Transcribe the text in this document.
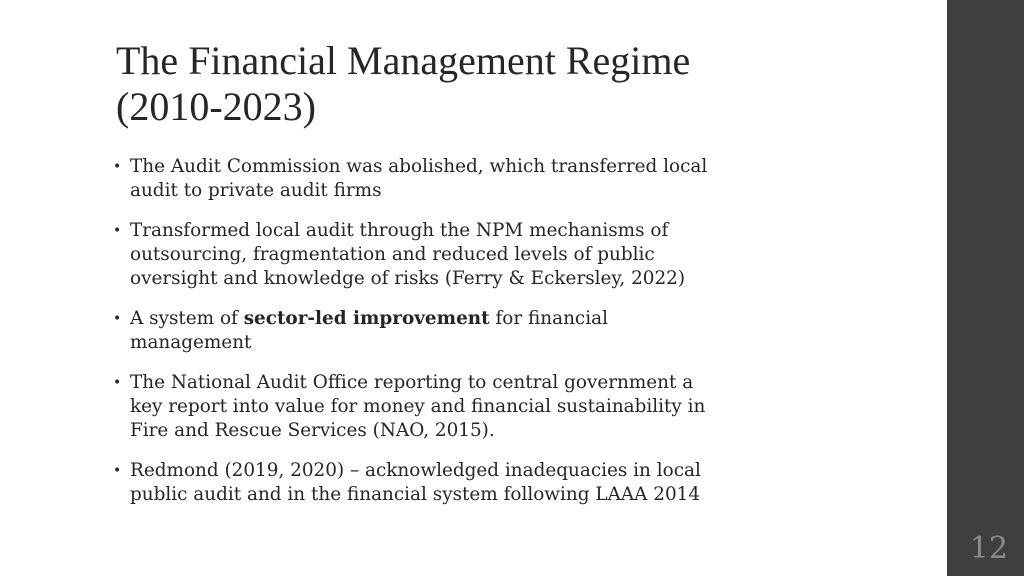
The Financial Management Regime
(2010-2023)
• The Audit Commission was abolished, which transferred local
audit to private audit firms
• Transformed local audit through the NPM mechanisms of
outsourcing, fragmentation and reduced levels of public
oversight and knowledge of risks (Ferry & Eckersley, 2022)
• A system of sector-led improvement for financial
management
• The National Audit Office reporting to central government a
key report into value for money and financial sustainability in
Fire and Rescue Services (NAO, 2015).
• Redmond (2019, 2020) – acknowledged inadequacies in local
public audit and in the financial system following LAAA 2014
12
